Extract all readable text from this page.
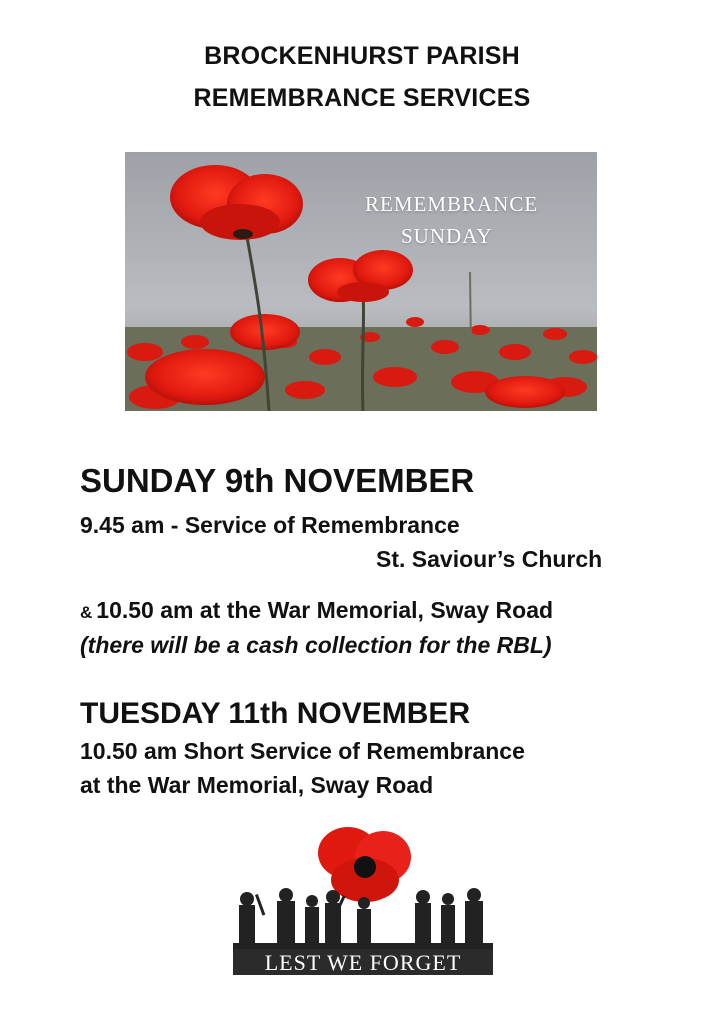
BROCKENHURST PARISH
REMEMBRANCE SERVICES
REMEMBRANCE
SUNDAY
SUNDAY 9th NOVEMBER
9.45 am - Service of Remembrance
St. Saviour’s Church
& 10.50 am at the War Memorial, Sway Road
(there will be a cash collection for the RBL)
TUESDAY 11th NOVEMBER
10.50 am Short Service of Remembrance
at the War Memorial, Sway Road
LEST WE FORGET
